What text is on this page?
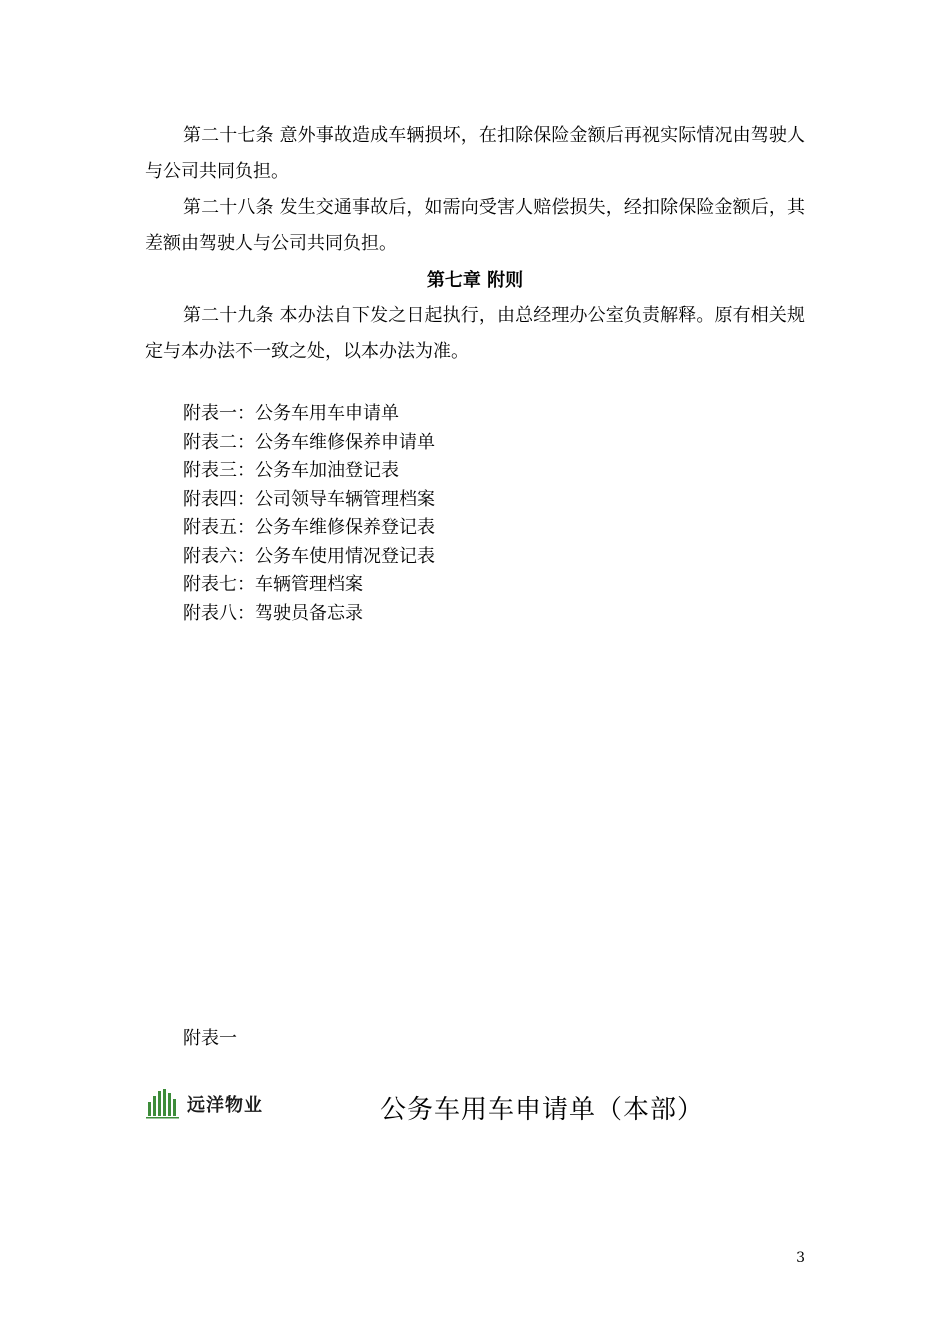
第二十七条 意外事故造成车辆损坏，在扣除保险金额后再视实际情况由驾驶人与公司共同负担。

第二十八条 发生交通事故后，如需向受害人赔偿损失，经扣除保险金额后，其差额由驾驶人与公司共同负担。

第七章 附则

第二十九条 本办法自下发之日起执行，由总经理办公室负责解释。原有相关规定与本办法不一致之处，以本办法为准。

附表一：公务车用车申请单
附表二：公务车维修保养申请单
附表三：公务车加油登记表
附表四：公司领导车辆管理档案
附表五：公务车维修保养登记表
附表六：公务车使用情况登记表
附表七：车辆管理档案
附表八：驾驶员备忘录

附表一

远洋物业	公务车用车申请单（本部）

3
